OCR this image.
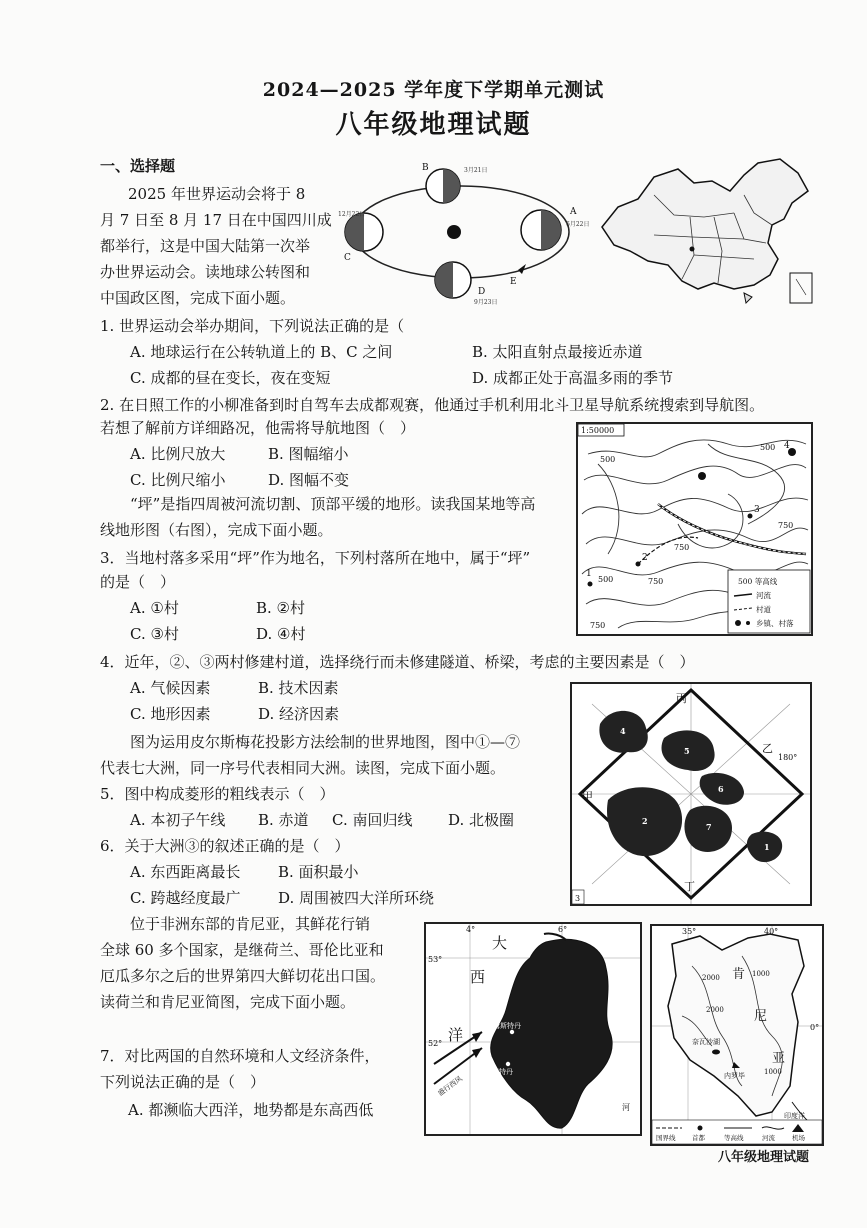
2024—2025 学年度下学期单元测试
八年级地理试题
一、选择题
2025 年世界运动会将于 8
月 7 日至 8 月 17 日在中国四川成
都举行，这是中国大陆第一次举
办世界运动会。读地球公转图和
中国政区图，完成下面小题。
B
A
C
D
E
6月22日
3月21日
12月22日
9月23日
1. 世界运动会举办期间，下列说法正确的是（
A. 地球运行在公转轨道上的 B、C 之间	B. 太阳直射点最接近赤道
C. 成都的昼在变长，夜在变短	D. 成都正处于高温多雨的季节
2. 在日照工作的小柳准备到时自驾车去成都观赛，他通过手机利用北斗卫星导航系统搜索到导航图。
若想了解前方详细路况，他需将导航地图（　）
A. 比例尺放大	B. 图幅缩小
C. 比例尺缩小	D. 图幅不变
“坪”是指四周被河流切割、顶部平缓的地形。读我国某地等高
线地形图（右图），完成下面小题。
3．当地村落多采用“坪”作为地名，下列村落所在地中，属于“坪”
的是（　）
A. ①村	B. ②村
C. ③村	D. ④村
1:50000
500
500
750
750
750
500
750
1
2
3
4
500 等高线
河流
村道
乡镇、村落
4．近年，②、③两村修建村道，选择绕行而未修建隧道、桥梁，考虑的主要因素是（　）
A. 气候因素	B. 技术因素
C. 地形因素	D. 经济因素
图为运用皮尔斯梅花投影方法绘制的世界地图，图中①—⑦
代表七大洲，同一序号代表相同大洲。读图，完成下面小题。
5．图中构成菱形的粗线表示（　）
A. 本初子午线 B. 赤道 C. 南回归线 D. 北极圈
6．关于大洲③的叙述正确的是（　）
A. 东西距离最长	B. 面积最小
C. 跨越经度最广	D. 周围被四大洋所环绕
4
5
2
7
1
6
3
甲
乙
丙
丁
180°
位于非洲东部的肯尼亚，其鲜花行销
全球 60 多个国家，是继荷兰、哥伦比亚和
厄瓜多尔之后的世界第四大鲜切花出口国。
读荷兰和肯尼亚简图，完成下面小题。
7．对比两国的自然环境和人文经济条件，
下列说法正确的是（　）
A. 都濒临大西洋，地势都是东高西低
4°	6°
53°
52°
大
西
洋	阿姆斯特丹
鹿特丹
盛行西风
河
35°	40°
0°
肯
尼
亚
奈瓦沙湖
内罗毕
印度洋
2000	1000
2000
1000
国界线	首都	等高线	河流	机场
八年级地理试题
